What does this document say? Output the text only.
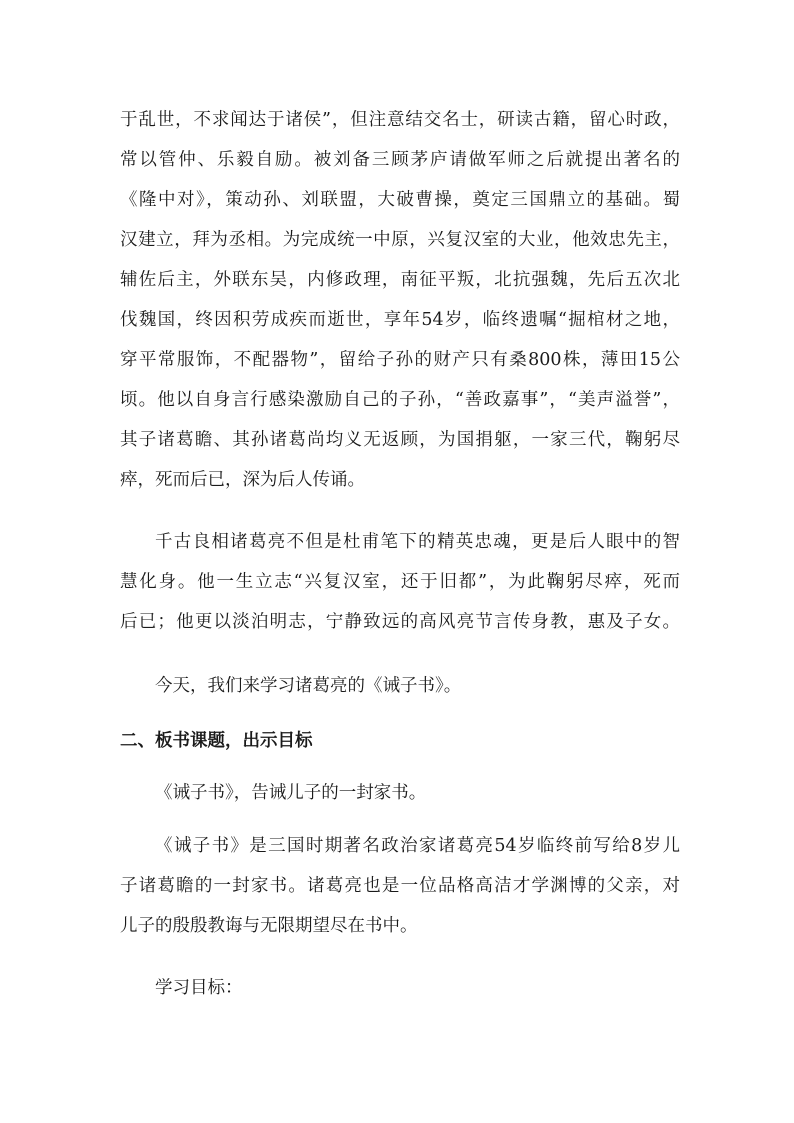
于乱世，不求闻达于诸侯”，但注意结交名士，研读古籍，留心时政，
常以管仲、乐毅自励。被刘备三顾茅庐请做军师之后就提出著名的
《隆中对》，策动孙、刘联盟，大破曹操，奠定三国鼎立的基础。蜀
汉建立，拜为丞相。为完成统一中原，兴复汉室的大业，他效忠先主，
辅佐后主，外联东吴，内修政理，南征平叛，北抗强魏，先后五次北
伐魏国，终因积劳成疾而逝世，享年54岁，临终遗嘱“掘棺材之地，
穿平常服饰，不配器物”，留给子孙的财产只有桑800株，薄田15公
顷。他以自身言行感染激励自己的子孙，“善政嘉事”，“美声溢誉”，
其子诸葛瞻、其孙诸葛尚均义无返顾，为国捐躯，一家三代，鞠躬尽
瘁，死而后已，深为后人传诵。
千古良相诸葛亮不但是杜甫笔下的精英忠魂，更是后人眼中的智
慧化身。他一生立志“兴复汉室，还于旧都”，为此鞠躬尽瘁，死而
后已；他更以淡泊明志，宁静致远的高风亮节言传身教，惠及子女。
今天，我们来学习诸葛亮的《诫子书》。
二、板书课题，出示目标
《诫子书》，告诫儿子的一封家书。
《诫子书》是三国时期著名政治家诸葛亮54岁临终前写给8岁儿
子诸葛瞻的一封家书。诸葛亮也是一位品格高洁才学渊博的父亲，对
儿子的殷殷教诲与无限期望尽在书中。
学习目标：
